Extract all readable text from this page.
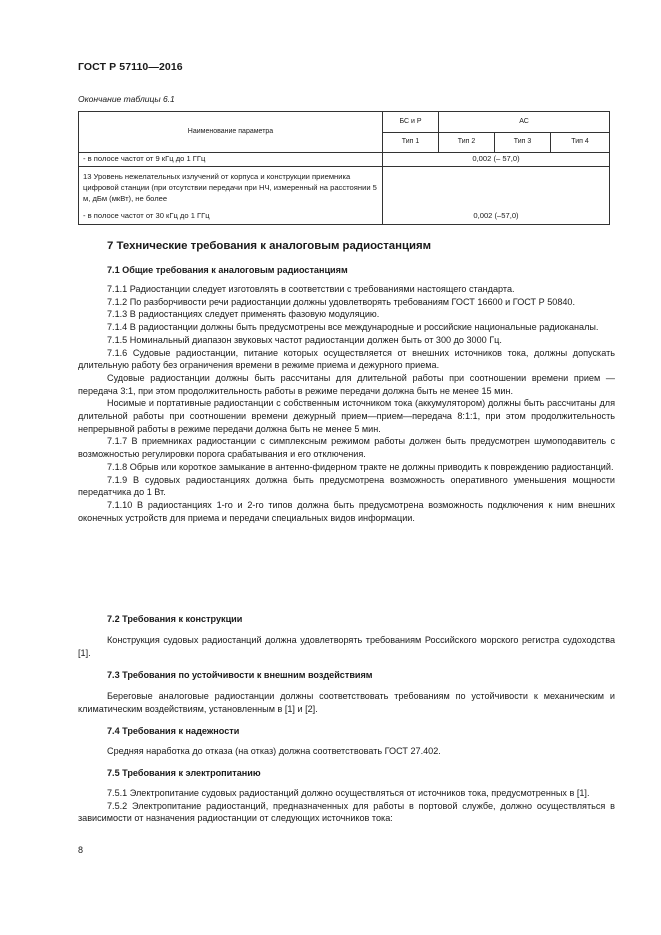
ГОСТ Р 57110—2016
Окончание таблицы 6.1
Наименование параметра	БС и Р	АС		
	Тип 1	Тип 2	Тип 3	Тип 4
- в полосе частот от 9 кГц до 1 ГГц	0,002 (– 57,0)			
13 Уровень нежелательных излучений от корпуса и конструкции приемника цифровой станции (при отсутствии передачи при НЧ, измеренный на расстоянии 5 м, дБм (мкВт), не более				
- в полосе частот от 30 кГц до 1 ГГц	0,002 (–57,0)			
7 Технические требования к аналоговым радиостанциям
7.1 Общие требования к аналоговым радиостанциям

7.1.1 Радиостанции следует изготовлять в соответствии с требованиями настоящего стандарта.

7.1.2 По разборчивости речи радиостанции должны удовлетворять требованиям ГОСТ 16600 и ГОСТ Р 50840.

7.1.3 В радиостанциях следует применять фазовую модуляцию.

7.1.4 В радиостанции должны быть предусмотрены все международные и российские национальные радиоканалы.

7.1.5 Номинальный диапазон звуковых частот радиостанции должен быть от 300 до 3000 Гц.

7.1.6 Судовые радиостанции, питание которых осуществляется от внешних источников тока, должны допускать длительную работу без ограничения времени в режиме приема и дежурного приема.

Судовые радиостанции должны быть рассчитаны для длительной работы при соотношении времени прием — передача 3:1, при этом продолжительность работы в режиме передачи должна быть не менее 15 мин.

Носимые и портативные радиостанции с собственным источником тока (аккумулятором) должны быть рассчитаны для длительной работы при соотношении времени дежурный прием—прием—передача 8:1:1, при этом продолжительность непрерывной работы в режиме передачи должна быть не менее 5 мин.

7.1.7 В приемниках радиостанции с симплексным режимом работы должен быть предусмотрен шумоподавитель с возможностью регулировки порога срабатывания и его отключения.

7.1.8 Обрыв или короткое замыкание в антенно-фидерном тракте не должны приводить к повреждению радиостанций.

7.1.9 В судовых радиостанциях должна быть предусмотрена возможность оперативного уменьшения мощности передатчика до 1 Вт.

7.1.10 В радиостанциях 1-го и 2-го типов должна быть предусмотрена возможность подключения к ним внешних оконечных устройств для приема и передачи специальных видов информации.

7.2 Требования к конструкции

Конструкция судовых радиостанций должна удовлетворять требованиям Российского морского регистра судоходства [1].

7.3 Требования по устойчивости к внешним воздействиям

Береговые аналоговые радиостанции должны соответствовать требованиям по устойчивости к механическим и климатическим воздействиям, установленным в [1] и [2].

7.4 Требования к надежности

Средняя наработка до отказа (на отказ) должна соответствовать ГОСТ 27.402.

7.5 Требования к электропитанию

7.5.1 Электропитание судовых радиостанций должно осуществляться от источников тока, предусмотренных в [1].

7.5.2 Электропитание радиостанций, предназначенных для работы в портовой службе, должно осуществляться в зависимости от назначения радиостанции от следующих источников тока:

8
